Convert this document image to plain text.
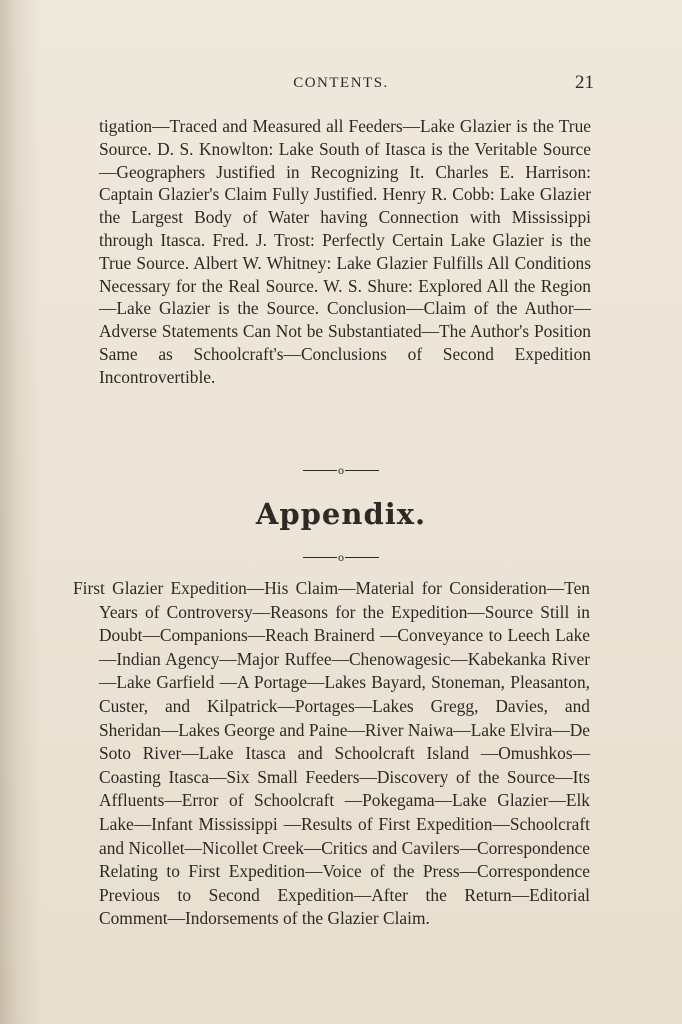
CONTENTS.	21

tigation—Traced and Measured all Feeders—Lake Glazier is the True Source. D. S. Knowlton: Lake South of Itasca is the Veritable Source—Geographers Justified in Recognizing It. Charles E. Harrison: Captain Glazier's Claim Fully Justified. Henry R. Cobb: Lake Glazier the Largest Body of Water having Connection with Mississippi through Itasca. Fred. J. Trost: Perfectly Certain Lake Glazier is the True Source. Albert W. Whitney: Lake Glazier Fulfills All Conditions Necessary for the Real Source. W. S. Shure: Explored All the Region—Lake Glazier is the Source. Conclusion—Claim of the Author—Adverse Statements Can Not be Substantiated—The Author's Position Same as Schoolcraft's—Conclusions of Second Expedition Incontrovertible.

o
Appendix.
o

First Glazier Expedition—His Claim—Material for Consideration—Ten Years of Controversy—Reasons for the Expedition—Source Still in Doubt—Companions—Reach Brainerd —Conveyance to Leech Lake—Indian Agency—Major Ruffee—Chenowagesic—Kabekanka River—Lake Garfield —A Portage—Lakes Bayard, Stoneman, Pleasanton, Custer, and Kilpatrick—Portages—Lakes Gregg, Davies, and Sheridan—Lakes George and Paine—River Naiwa—Lake Elvira—De Soto River—Lake Itasca and Schoolcraft Island —Omushkos—Coasting Itasca—Six Small Feeders—Discovery of the Source—Its Affluents—Error of Schoolcraft —Pokegama—Lake Glazier—Elk Lake—Infant Mississippi —Results of First Expedition—Schoolcraft and Nicollet—Nicollet Creek—Critics and Cavilers—Correspondence Relating to First Expedition—Voice of the Press—Correspondence Previous to Second Expedition—After the Return—Editorial Comment—Indorsements of the Glazier Claim.
